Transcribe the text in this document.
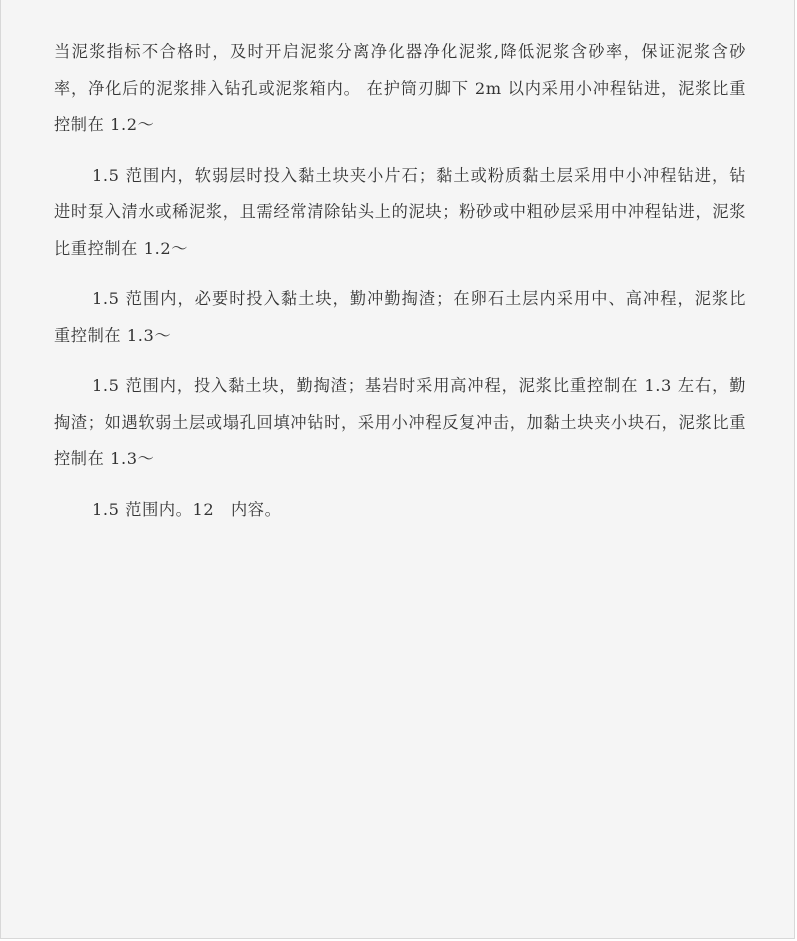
当泥浆指标不合格时，及时开启泥浆分离净化器净化泥浆,降低泥浆含砂率，保证泥浆含砂率，净化后的泥浆排入钻孔或泥浆箱内。 在护筒刃脚下 2m 以内采用小冲程钻进，泥浆比重控制在 1.2～

1.5 范围内，软弱层时投入黏土块夹小片石；黏土或粉质黏土层采用中小冲程钻进，钻进时泵入清水或稀泥浆，且需经常清除钻头上的泥块；粉砂或中粗砂层采用中冲程钻进，泥浆比重控制在 1.2～

1.5 范围内，必要时投入黏土块，勤冲勤掏渣；在卵石土层内采用中、高冲程，泥浆比重控制在 1.3～

1.5 范围内，投入黏土块，勤掏渣；基岩时采用高冲程，泥浆比重控制在 1.3 左右，勤掏渣；如遇软弱土层或塌孔回填冲钻时，采用小冲程反复冲击，加黏土块夹小块石，泥浆比重控制在 1.3～

1.5 范围内。12　内容。
